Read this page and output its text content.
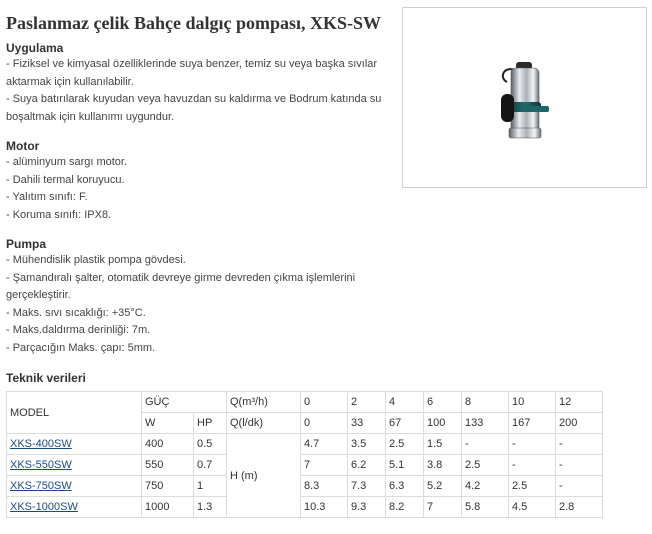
Paslanmaz çelik Bahçe dalgıç pompası, XKS-SW

Uygulama

- Fiziksel ve kimyasal özelliklerinde suya benzer, temiz su veya başka sıvılar aktarmak için kullanılabilir.

- Suya batırılarak kuyudan veya havuzdan su kaldırma ve Bodrum katında su boşaltmak için kullanımı uygundur.

Motor

- alüminyum sargı motor.

- Dahili termal koruyucu.

- Yalıtım sınıfı: F.

- Koruma sınıfı: IPX8.

Pumpa

- Mühendislik plastik pompa gövdesi.

- Şamandıralı şalter, otomatik devreye girme devreden çıkma işlemlerini gerçekleştirir.

- Maks. sıvı sıcaklığı: +35°C.

- Maks.daldırma derinliği: 7m.

- Parçacığın Maks. çapı: 5mm.

Teknik verileri

MODEL	GÜÇ		Q(m³/h)	0	2	4	6	8	10	12
	W	HP	Q(l/dk)	0	33	67	100	133	167	200
XKS-400SW	400	0.5	H (m)	4.7	3.5	2.5	1.5	-	-	-
XKS-550SW	550	0.7		7	6.2	5.1	3.8	2.5	-	-
XKS-750SW	750	1		8.3	7.3	6.3	5.2	4.2	2.5	-
XKS-1000SW	1000	1.3		10.3	9.3	8.2	7	5.8	4.5	2.8
